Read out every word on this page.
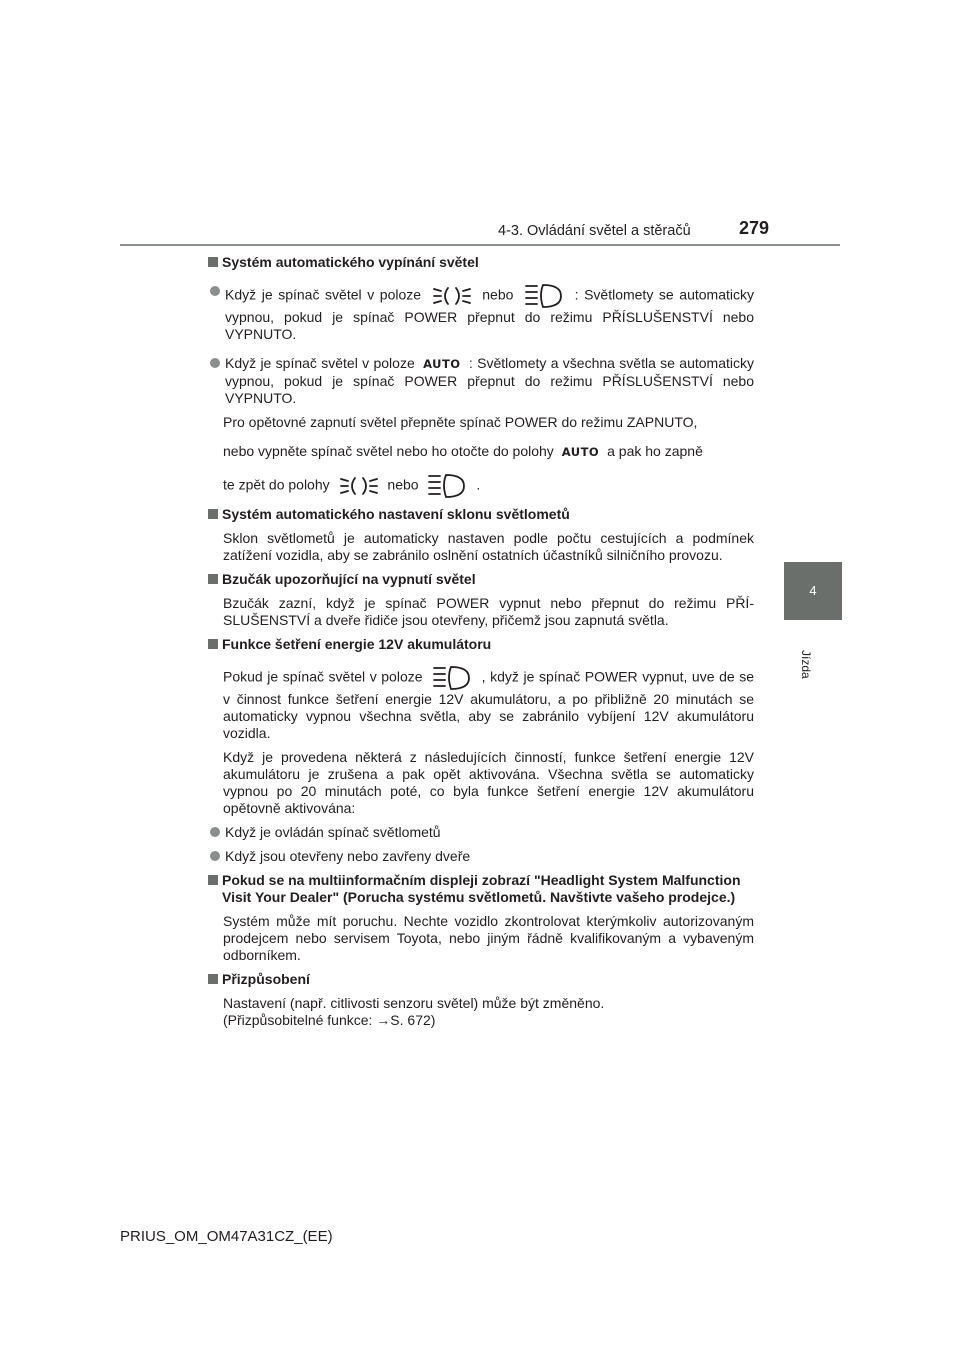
4-3. Ovládání světel a stěračů	279
4
Jízda
Systém automatického vypínání světel
Když je spínač světel v poloze	nebo	: Světlomety se automaticky vypnou, pokud je spínač POWER přepnut do režimu PŘÍSLUŠENSTVÍ nebo VYPNUTO.
Když je spínač světel v poloze AUTO : Světlomety a všechna světla se automaticky vypnou, pokud je spínač POWER přepnut do režimu PŘÍSLUŠENSTVÍ nebo VYPNUTO.
Pro opětovné zapnutí světel přepněte spínač POWER do režimu ZAPNUTO,
nebo vypněte spínač světel nebo ho otočte do polohy AUTO a pak ho zapně
te zpět do polohy	nebo	.
Systém automatického nastavení sklonu světlometů
Sklon světlometů je automaticky nastaven podle počtu cestujících a podmínek zatížení vozidla, aby se zabránilo oslnění ostatních účastníků silničního provozu.
Bzučák upozorňující na vypnutí světel
Bzučák zazní, když je spínač POWER vypnut nebo přepnut do režimu PŘÍSLUŠENSTVÍ a dveře řidiče jsou otevřeny, přičemž jsou zapnutá světla.
Funkce šetření energie 12V akumulátoru
Pokud je spínač světel v poloze	, když je spínač POWER vypnut, uve de se v činnost funkce šetření energie 12V akumulátoru, a po přibližně 20 minutách se automaticky vypnou všechna světla, aby se zabránilo vybíjení 12V akumulátoru vozidla.
Když je provedena některá z následujících činností, funkce šetření energie 12V akumulátoru je zrušena a pak opět aktivována. Všechna světla se automaticky vypnou po 20 minutách poté, co byla funkce šetření energie 12V akumulátoru opětovně aktivována:
Když je ovládán spínač světlometů
Když jsou otevřeny nebo zavřeny dveře
Pokud se na multiinformačním displeji zobrazí "Headlight System Malfunction Visit Your Dealer" (Porucha systému světlometů. Navštivte vašeho prodejce.)
Systém může mít poruchu. Nechte vozidlo zkontrolovat kterýmkoliv autorizovaným prodejcem nebo servisem Toyota, nebo jiným řádně kvalifikovaným a vybaveným odborníkem.
Přizpůsobení
Nastavení (např. citlivosti senzoru světel) může být změněno.
(Přizpůsobitelné funkce: →S. 672)
PRIUS_OM_OM47A31CZ_(EE)
